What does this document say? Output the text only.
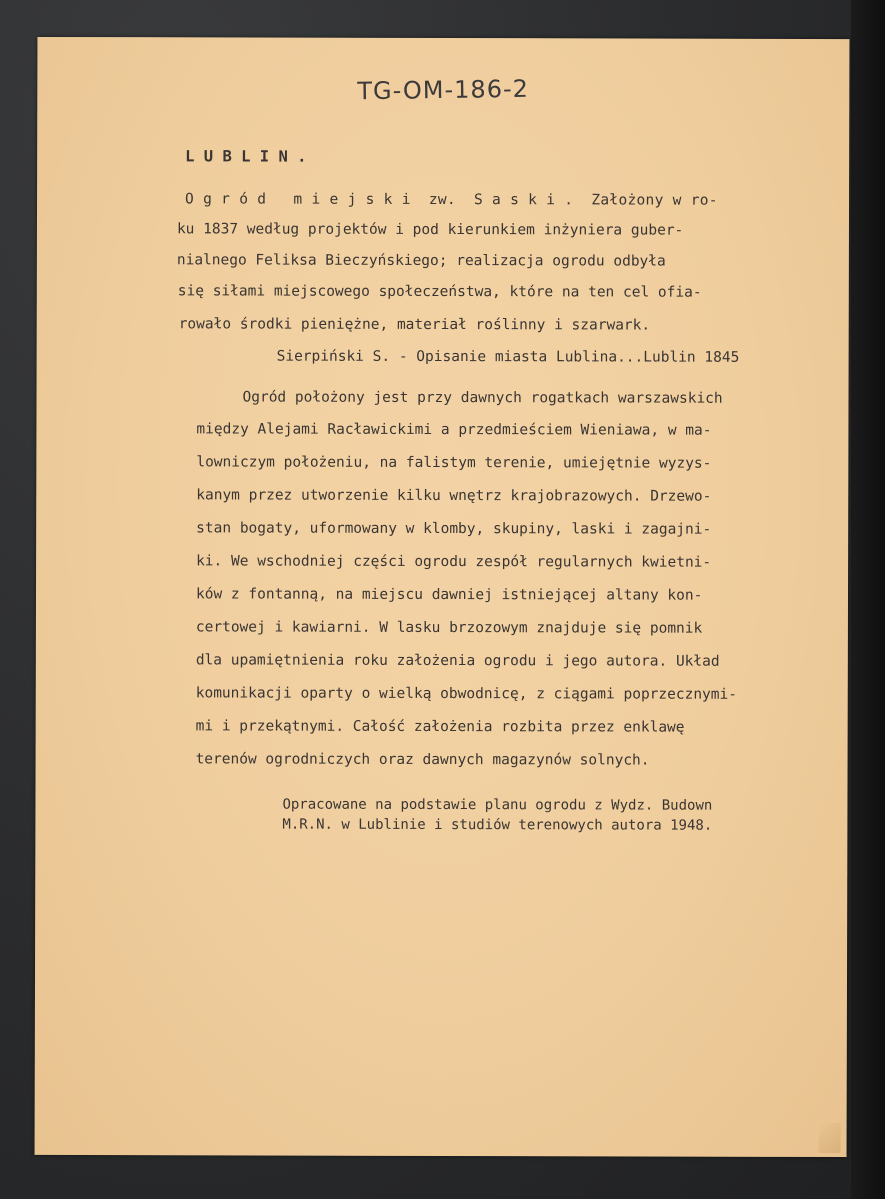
TG-OM-186-2
L U B L I N .
O g r ó d   m i e j s k i  zw.  S a s k i .  Założony w ro-
ku 1837 według projektów i pod kierunkiem inżyniera guber-
nialnego Feliksa Bieczyńskiego; realizacja ogrodu odbyła
się siłami miejscowego społeczeństwa, które na ten cel ofia-
rowało środki pieniężne, materiał roślinny i szarwark.
Sierpiński S. - Opisanie miasta Lublina...Lublin 1845
Ogród położony jest przy dawnych rogatkach warszawskich
między Alejami Racławickimi a przedmieściem Wieniawa, w ma-
lowniczym położeniu, na falistym terenie, umiejętnie wyzys-
kanym przez utworzenie kilku wnętrz krajobrazowych. Drzewo-
stan bogaty, uformowany w klomby, skupiny, laski i zagajni-
ki. We wschodniej części ogrodu zespół regularnych kwietni-
ków z fontanną, na miejscu dawniej istniejącej altany kon-
certowej i kawiarni. W lasku brzozowym znajduje się pomnik
dla upamiętnienia roku założenia ogrodu i jego autora. Układ
komunikacji oparty o wielką obwodnicę, z ciągami poprzecznymi-
mi i przekątnymi. Całość założenia rozbita przez enklawę
terenów ogrodniczych oraz dawnych magazynów solnych.
Opracowane na podstawie planu ogrodu z Wydz. Budown
M.R.N. w Lublinie i studiów terenowych autora 1948.
